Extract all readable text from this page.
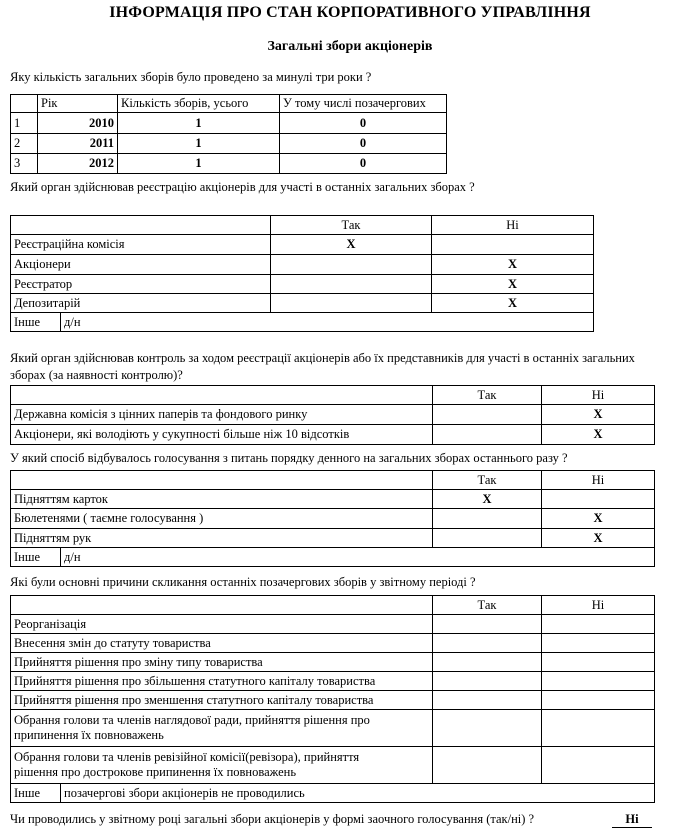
ІНФОРМАЦІЯ ПРО СТАН КОРПОРАТИВНОГО УПРАВЛІННЯ
Загальні збори акціонерів
Яку кількість загальних зборів було проведено за минулі три роки ?
	Рік	Кількість зборів, усього	У тому числі позачергових
1	2010	1	0
2	2011	1	0
3	2012	1	0
Який орган здійснював реєстрацію акціонерів для участі в останніх загальних зборах ?
		Так	Ні
Реєстраційна комісія		X	
Акціонери			X
Реєстратор			X
Депозитарій			X
Інше	д/н		
Який орган здійснював контроль за ходом реєстрації акціонерів або їх представників для участі в останніх загальних
зборах (за наявності контролю)?
	Так	Ні
Державна комісія з цінних паперів та фондового ринку		X
Акціонери, які володіють у сукупності більше ніж 10 відсотків		X
У який спосіб відбувалось голосування з питань порядку денного на загальних зборах останнього разу ?
		Так	Ні
Підняттям карток		X	
Бюлетенями ( таємне голосування )			X
Підняттям рук			X
Інше	д/н		
Які були основні причини скликання останніх позачергових зборів у звітному періоді ?
		Так	Ні
Реорганізація			
Внесення змін до статуту товариства			
Прийняття рішення про зміну типу товариства			
Прийняття рішення про збільшення статутного капіталу товариства			
Прийняття рішення про зменшення статутного капіталу товариства			

Обрання голови та членів наглядової ради, прийняття рішення про
припинення їх повноважень			

Обрання голови та членів ревізійної комісії(ревізора), прийняття
рішення про дострокове припинення їх повноважень			

Інше	позачергові збори акціонерів не проводились		
Чи проводились у звітному році загальні збори акціонерів у формі заочного голосування (так/ні) ?	Ні
